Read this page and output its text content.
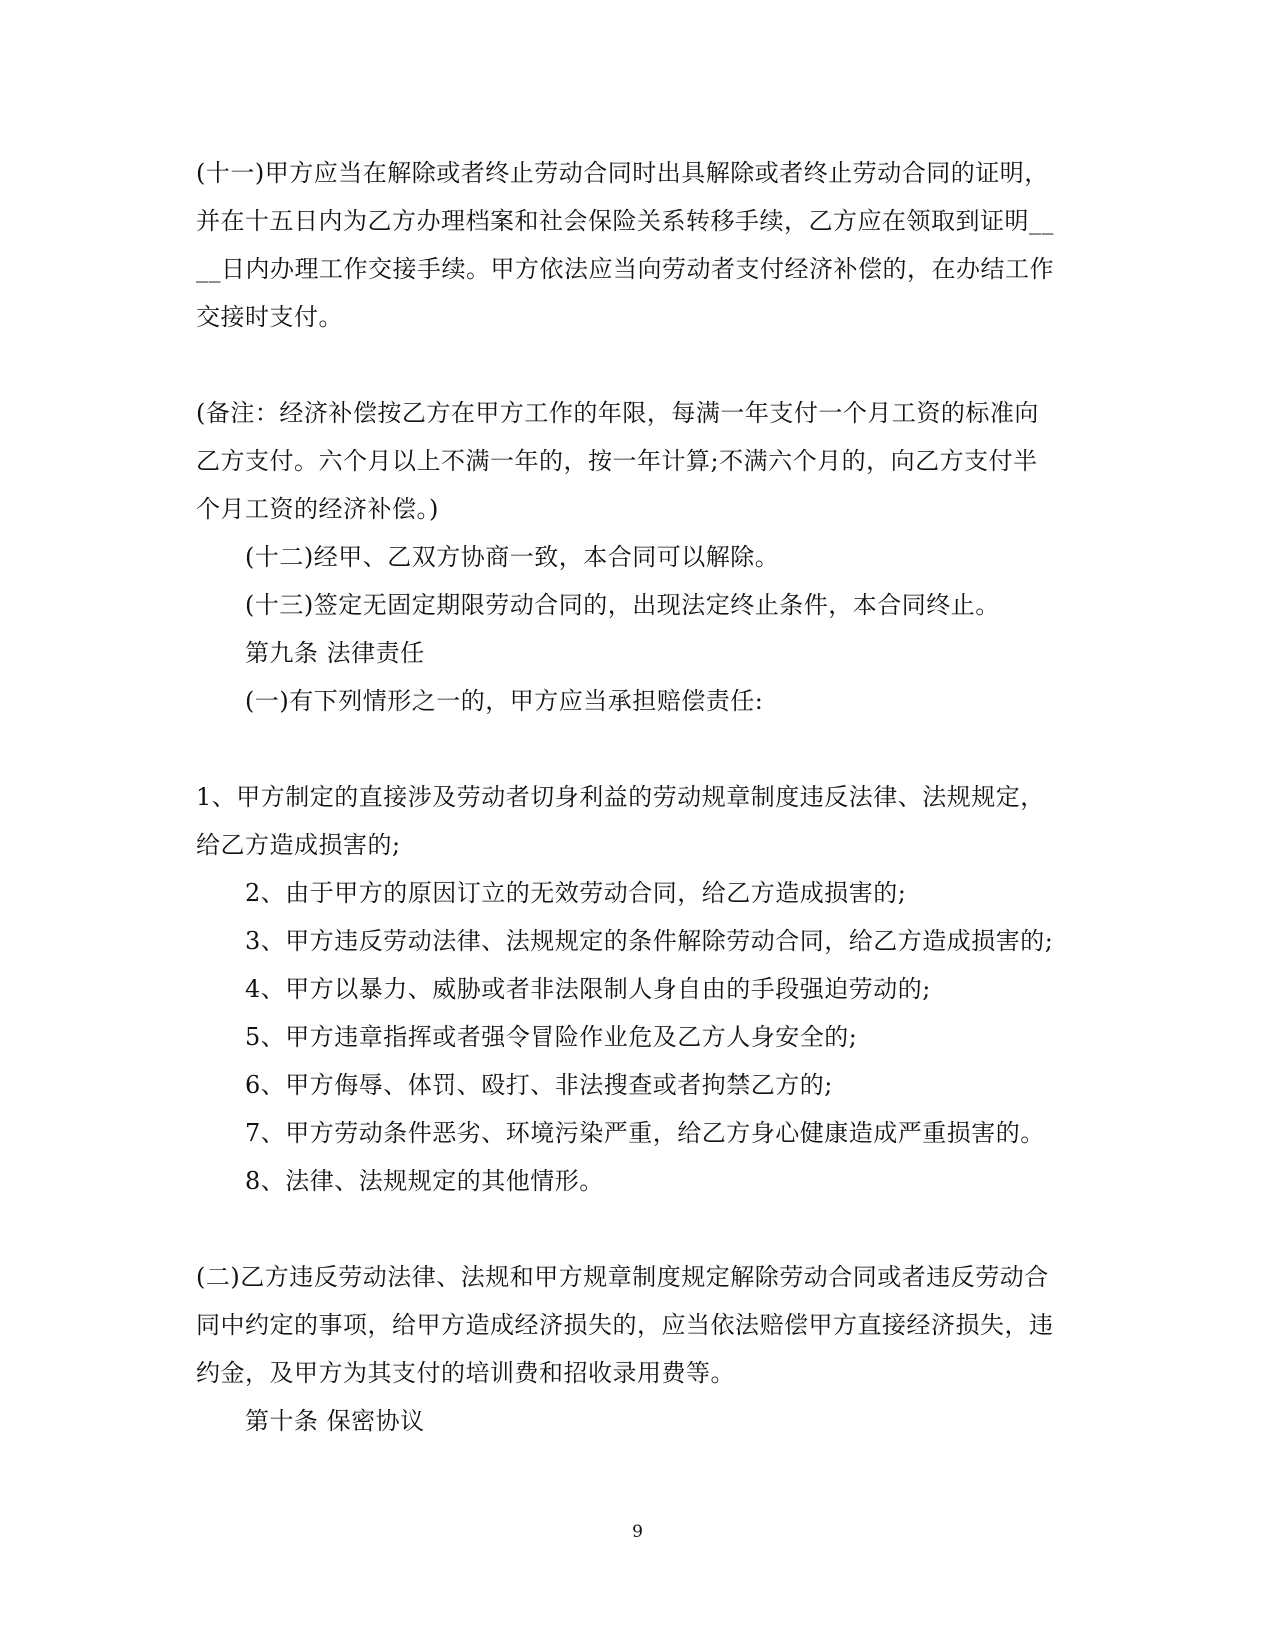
(十一)甲方应当在解除或者终止劳动合同时出具解除或者终止劳动合同的证明，
并在十五日内为乙方办理档案和社会保险关系转移手续，乙方应在领取到证明__
__日内办理工作交接手续。甲方依法应当向劳动者支付经济补偿的，在办结工作
交接时支付。
(备注：经济补偿按乙方在甲方工作的年限，每满一年支付一个月工资的标准向
乙方支付。六个月以上不满一年的，按一年计算;不满六个月的，向乙方支付半
个月工资的经济补偿。)
(十二)经甲、乙双方协商一致，本合同可以解除。
(十三)签定无固定期限劳动合同的，出现法定终止条件，本合同终止。
第九条 法律责任
(一)有下列情形之一的，甲方应当承担赔偿责任:
1、甲方制定的直接涉及劳动者切身利益的劳动规章制度违反法律、法规规定，
给乙方造成损害的;
2、由于甲方的原因订立的无效劳动合同，给乙方造成损害的;
3、甲方违反劳动法律、法规规定的条件解除劳动合同，给乙方造成损害的;
4、甲方以暴力、威胁或者非法限制人身自由的手段强迫劳动的;
5、甲方违章指挥或者强令冒险作业危及乙方人身安全的;
6、甲方侮辱、体罚、殴打、非法搜查或者拘禁乙方的;
7、甲方劳动条件恶劣、环境污染严重，给乙方身心健康造成严重损害的。
8、法律、法规规定的其他情形。
(二)乙方违反劳动法律、法规和甲方规章制度规定解除劳动合同或者违反劳动合
同中约定的事项，给甲方造成经济损失的，应当依法赔偿甲方直接经济损失，违
约金，及甲方为其支付的培训费和招收录用费等。
第十条 保密协议
9
